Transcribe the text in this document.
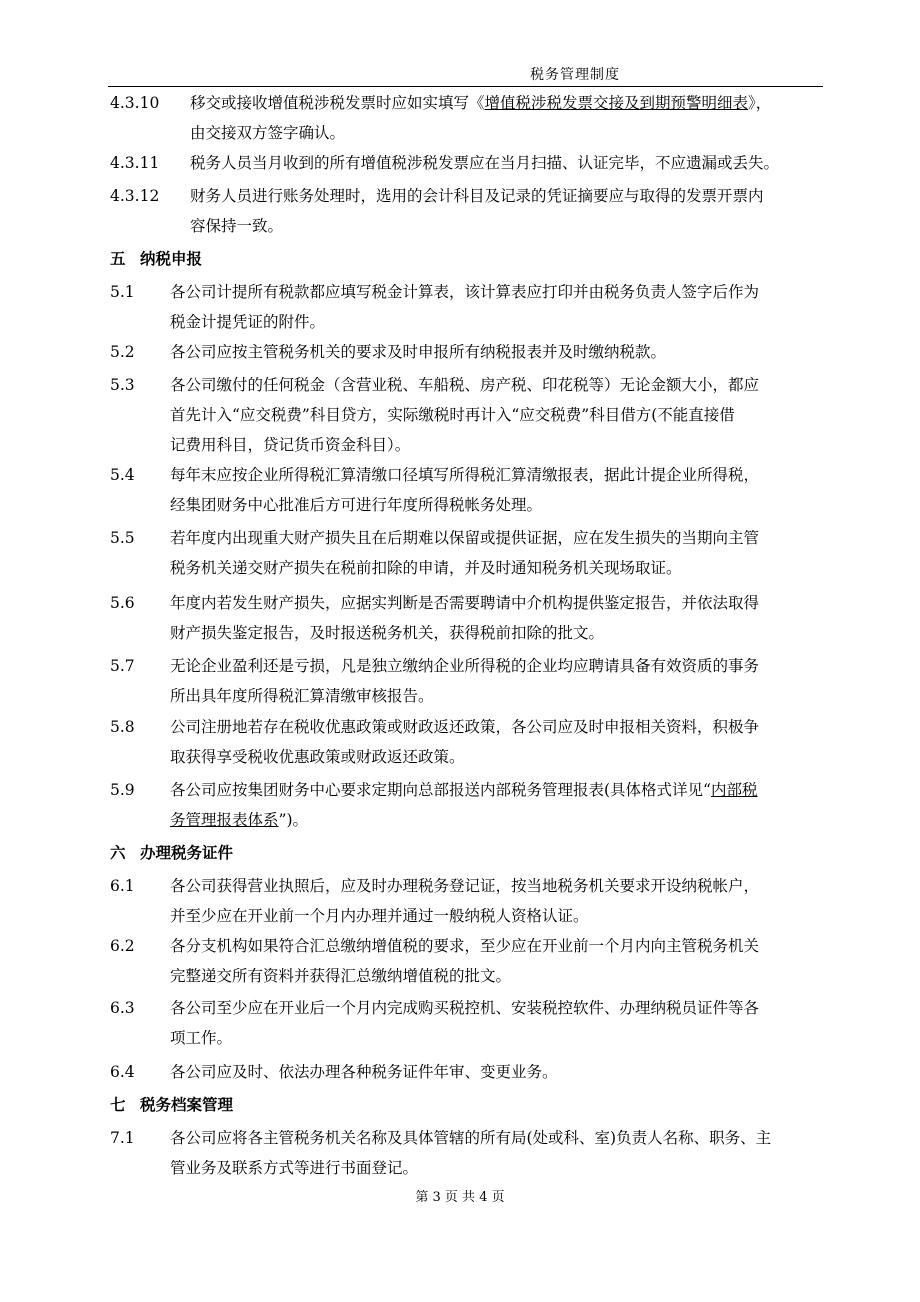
税务管理制度
4.3.10 移交或接收增值税涉税发票时应如实填写《增值税涉税发票交接及到期预警明细表》，
由交接双方签字确认。
4.3.11 税务人员当月收到的所有增值税涉税发票应在当月扫描、认证完毕，不应遗漏或丢失。
4.3.12 财务人员进行账务处理时，选用的会计科目及记录的凭证摘要应与取得的发票开票内
容保持一致。
五 纳税申报
5.1 各公司计提所有税款都应填写税金计算表，该计算表应打印并由税务负责人签字后作为
税金计提凭证的附件。
5.2 各公司应按主管税务机关的要求及时申报所有纳税报表并及时缴纳税款。
5.3 各公司缴付的任何税金（含营业税、车船税、房产税、印花税等）无论金额大小，都应
首先计入“应交税费”科目贷方，实际缴税时再计入“应交税费”科目借方(不能直接借
记费用科目，贷记货币资金科目）。
5.4 每年末应按企业所得税汇算清缴口径填写所得税汇算清缴报表，据此计提企业所得税，
经集团财务中心批准后方可进行年度所得税帐务处理。
5.5 若年度内出现重大财产损失且在后期难以保留或提供证据，应在发生损失的当期向主管
税务机关递交财产损失在税前扣除的申请，并及时通知税务机关现场取证。
5.6 年度内若发生财产损失，应据实判断是否需要聘请中介机构提供鉴定报告，并依法取得
财产损失鉴定报告，及时报送税务机关，获得税前扣除的批文。
5.7 无论企业盈利还是亏损，凡是独立缴纳企业所得税的企业均应聘请具备有效资质的事务
所出具年度所得税汇算清缴审核报告。
5.8 公司注册地若存在税收优惠政策或财政返还政策，各公司应及时申报相关资料，积极争
取获得享受税收优惠政策或财政返还政策。
5.9 各公司应按集团财务中心要求定期向总部报送内部税务管理报表(具体格式详见“内部税
务管理报表体系”)。
六 办理税务证件
6.1 各公司获得营业执照后，应及时办理税务登记证，按当地税务机关要求开设纳税帐户，
并至少应在开业前一个月内办理并通过一般纳税人资格认证。
6.2 各分支机构如果符合汇总缴纳增值税的要求，至少应在开业前一个月内向主管税务机关
完整递交所有资料并获得汇总缴纳增值税的批文。
6.3 各公司至少应在开业后一个月内完成购买税控机、安装税控软件、办理纳税员证件等各
项工作。
6.4 各公司应及时、依法办理各种税务证件年审、变更业务。
七 税务档案管理
7.1 各公司应将各主管税务机关名称及具体管辖的所有局(处或科、室)负责人名称、职务、主
管业务及联系方式等进行书面登记。
第 3 页 共 4 页
